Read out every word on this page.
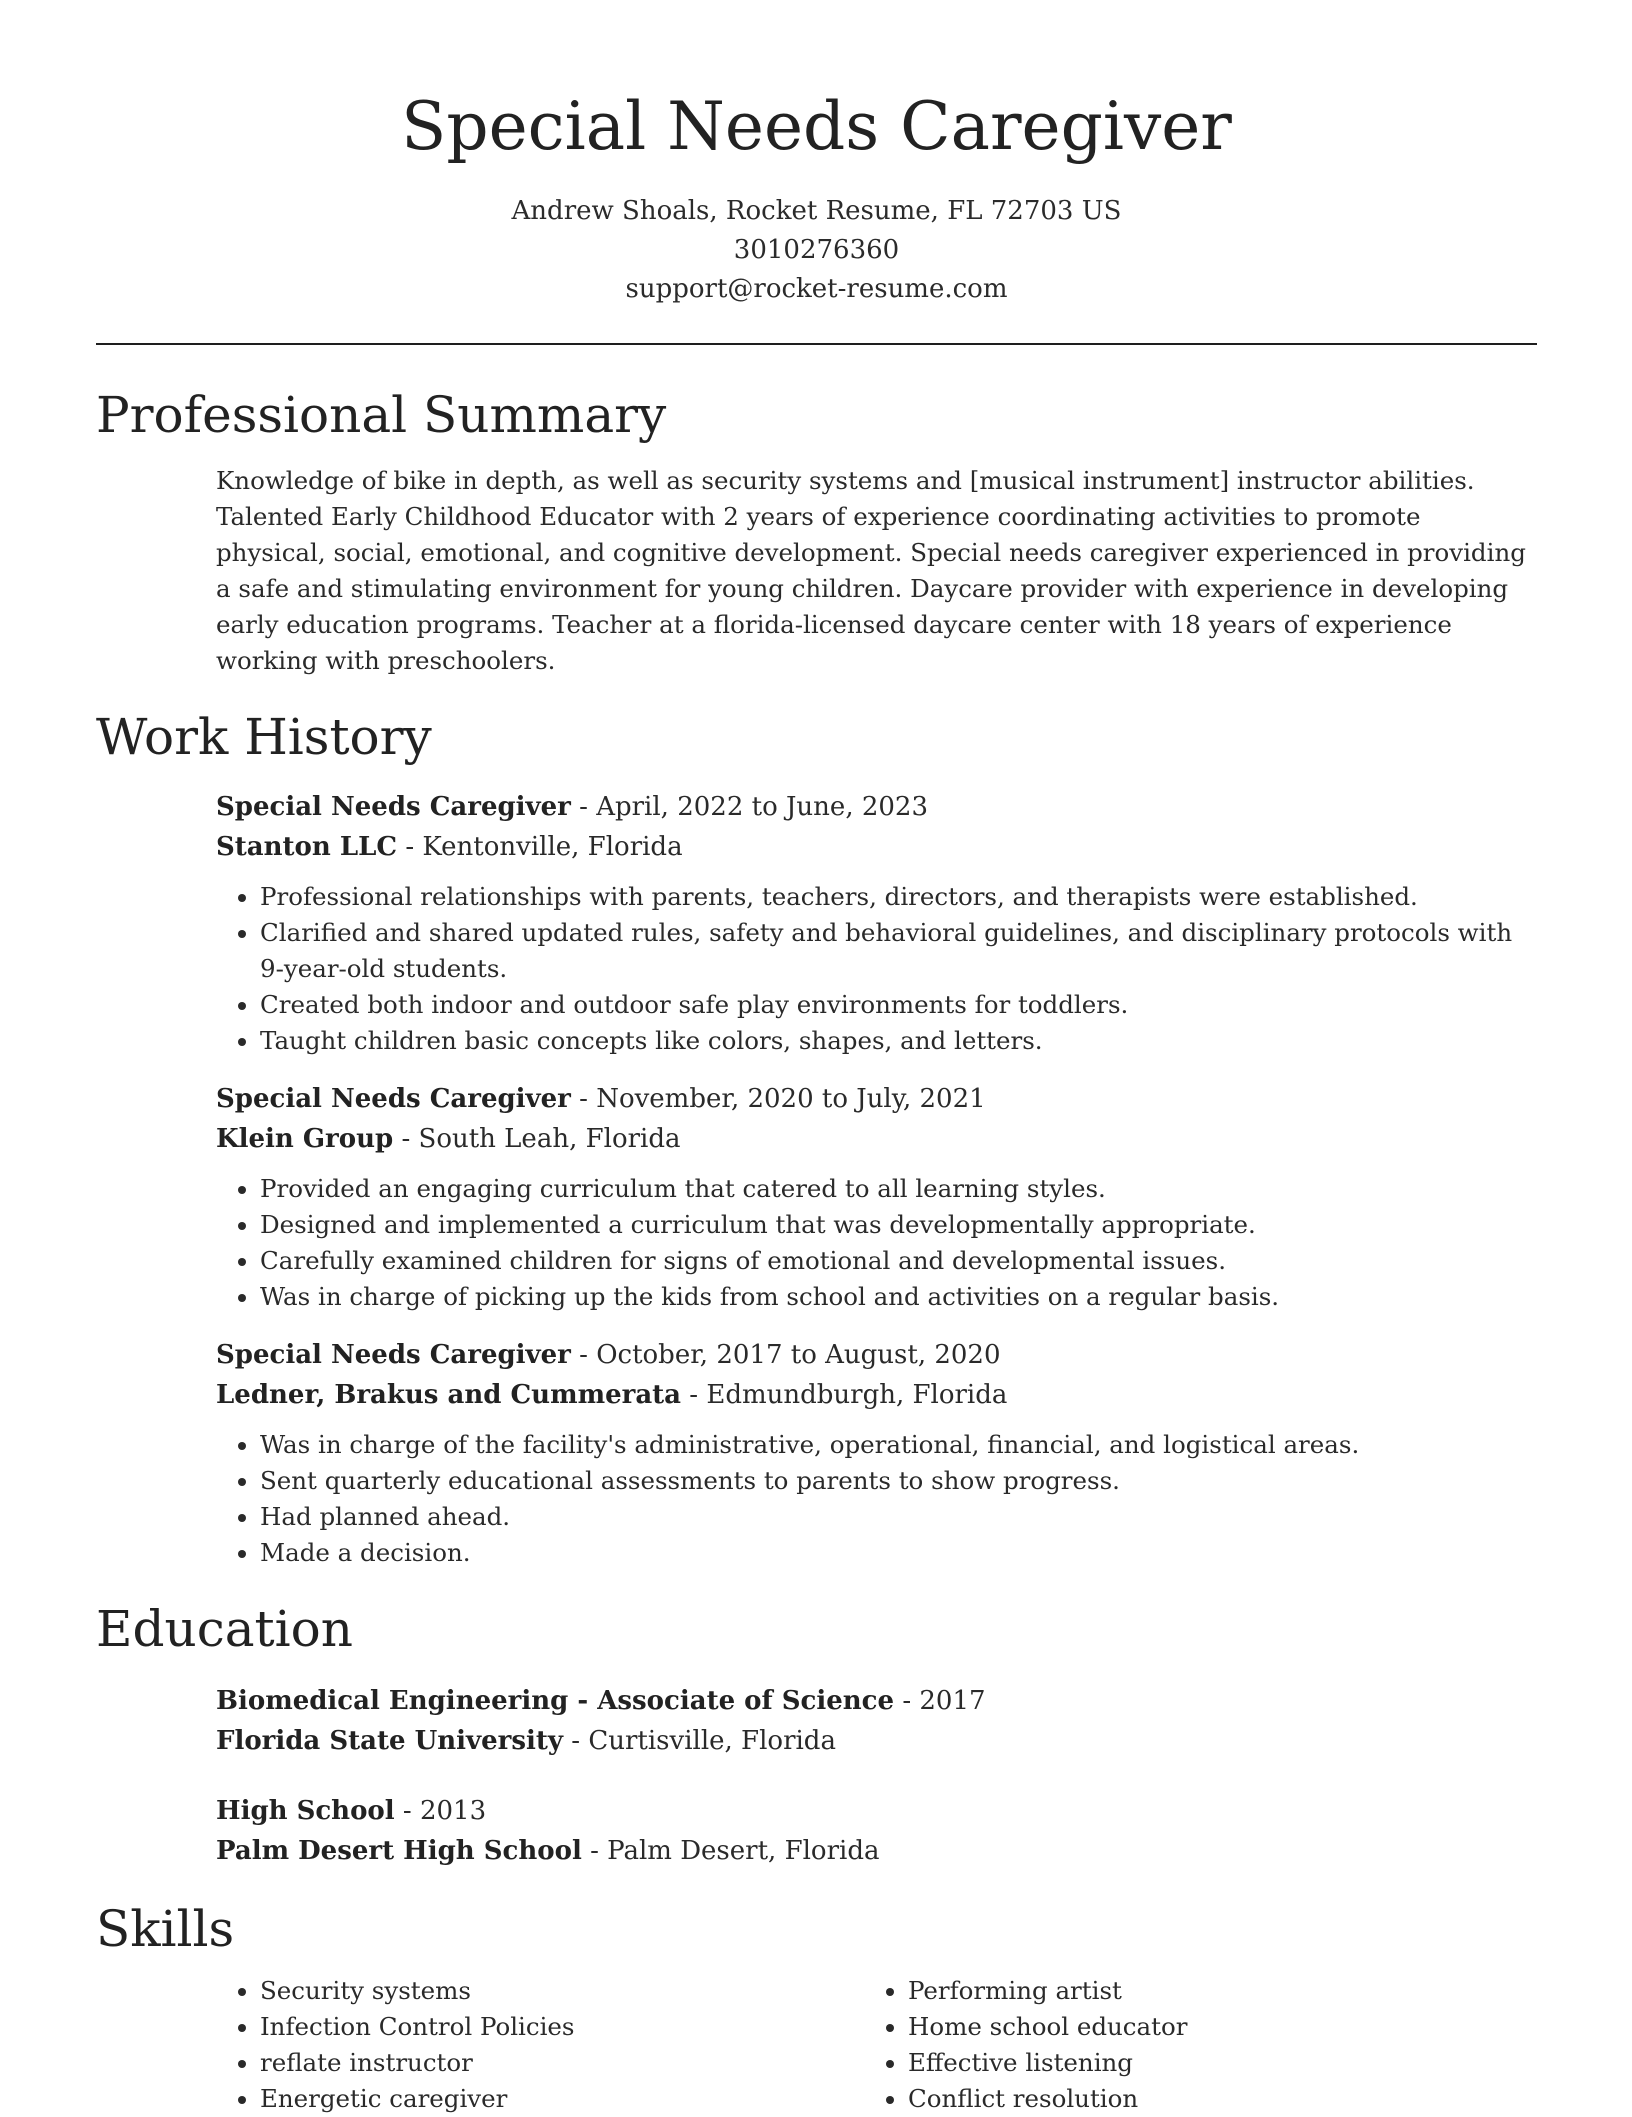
Special Needs Caregiver
Andrew Shoals, Rocket Resume, FL 72703 US
3010276360
support@rocket-resume.com
Professional Summary
Knowledge of bike in depth, as well as security systems and [musical instrument] instructor abilities. Talented Early Childhood Educator with 2 years of experience coordinating activities to promote physical, social, emotional, and cognitive development. Special needs caregiver experienced in providing a safe and stimulating environment for young children. Daycare provider with experience in developing early education programs. Teacher at a florida-licensed daycare center with 18 years of experience working with preschoolers.
Work History
Special Needs Caregiver - April, 2022 to June, 2023
Stanton LLC - Kentonville, Florida
• Professional relationships with parents, teachers, directors, and therapists were established.
• Clarified and shared updated rules, safety and behavioral guidelines, and disciplinary protocols with 9-year-old students.
• Created both indoor and outdoor safe play environments for toddlers.
• Taught children basic concepts like colors, shapes, and letters.
Special Needs Caregiver - November, 2020 to July, 2021
Klein Group - South Leah, Florida
• Provided an engaging curriculum that catered to all learning styles.
• Designed and implemented a curriculum that was developmentally appropriate.
• Carefully examined children for signs of emotional and developmental issues.
• Was in charge of picking up the kids from school and activities on a regular basis.
Special Needs Caregiver - October, 2017 to August, 2020
Ledner, Brakus and Cummerata - Edmundburgh, Florida
• Was in charge of the facility's administrative, operational, financial, and logistical areas.
• Sent quarterly educational assessments to parents to show progress.
• Had planned ahead.
• Made a decision.
Education
Biomedical Engineering - Associate of Science - 2017
Florida State University - Curtisville, Florida
High School - 2013
Palm Desert High School - Palm Desert, Florida
Skills
• Security systems
• Infection Control Policies
• reflate instructor
• Energetic caregiver
• Performing artist
• Home school educator
• Effective listening
• Conflict resolution
